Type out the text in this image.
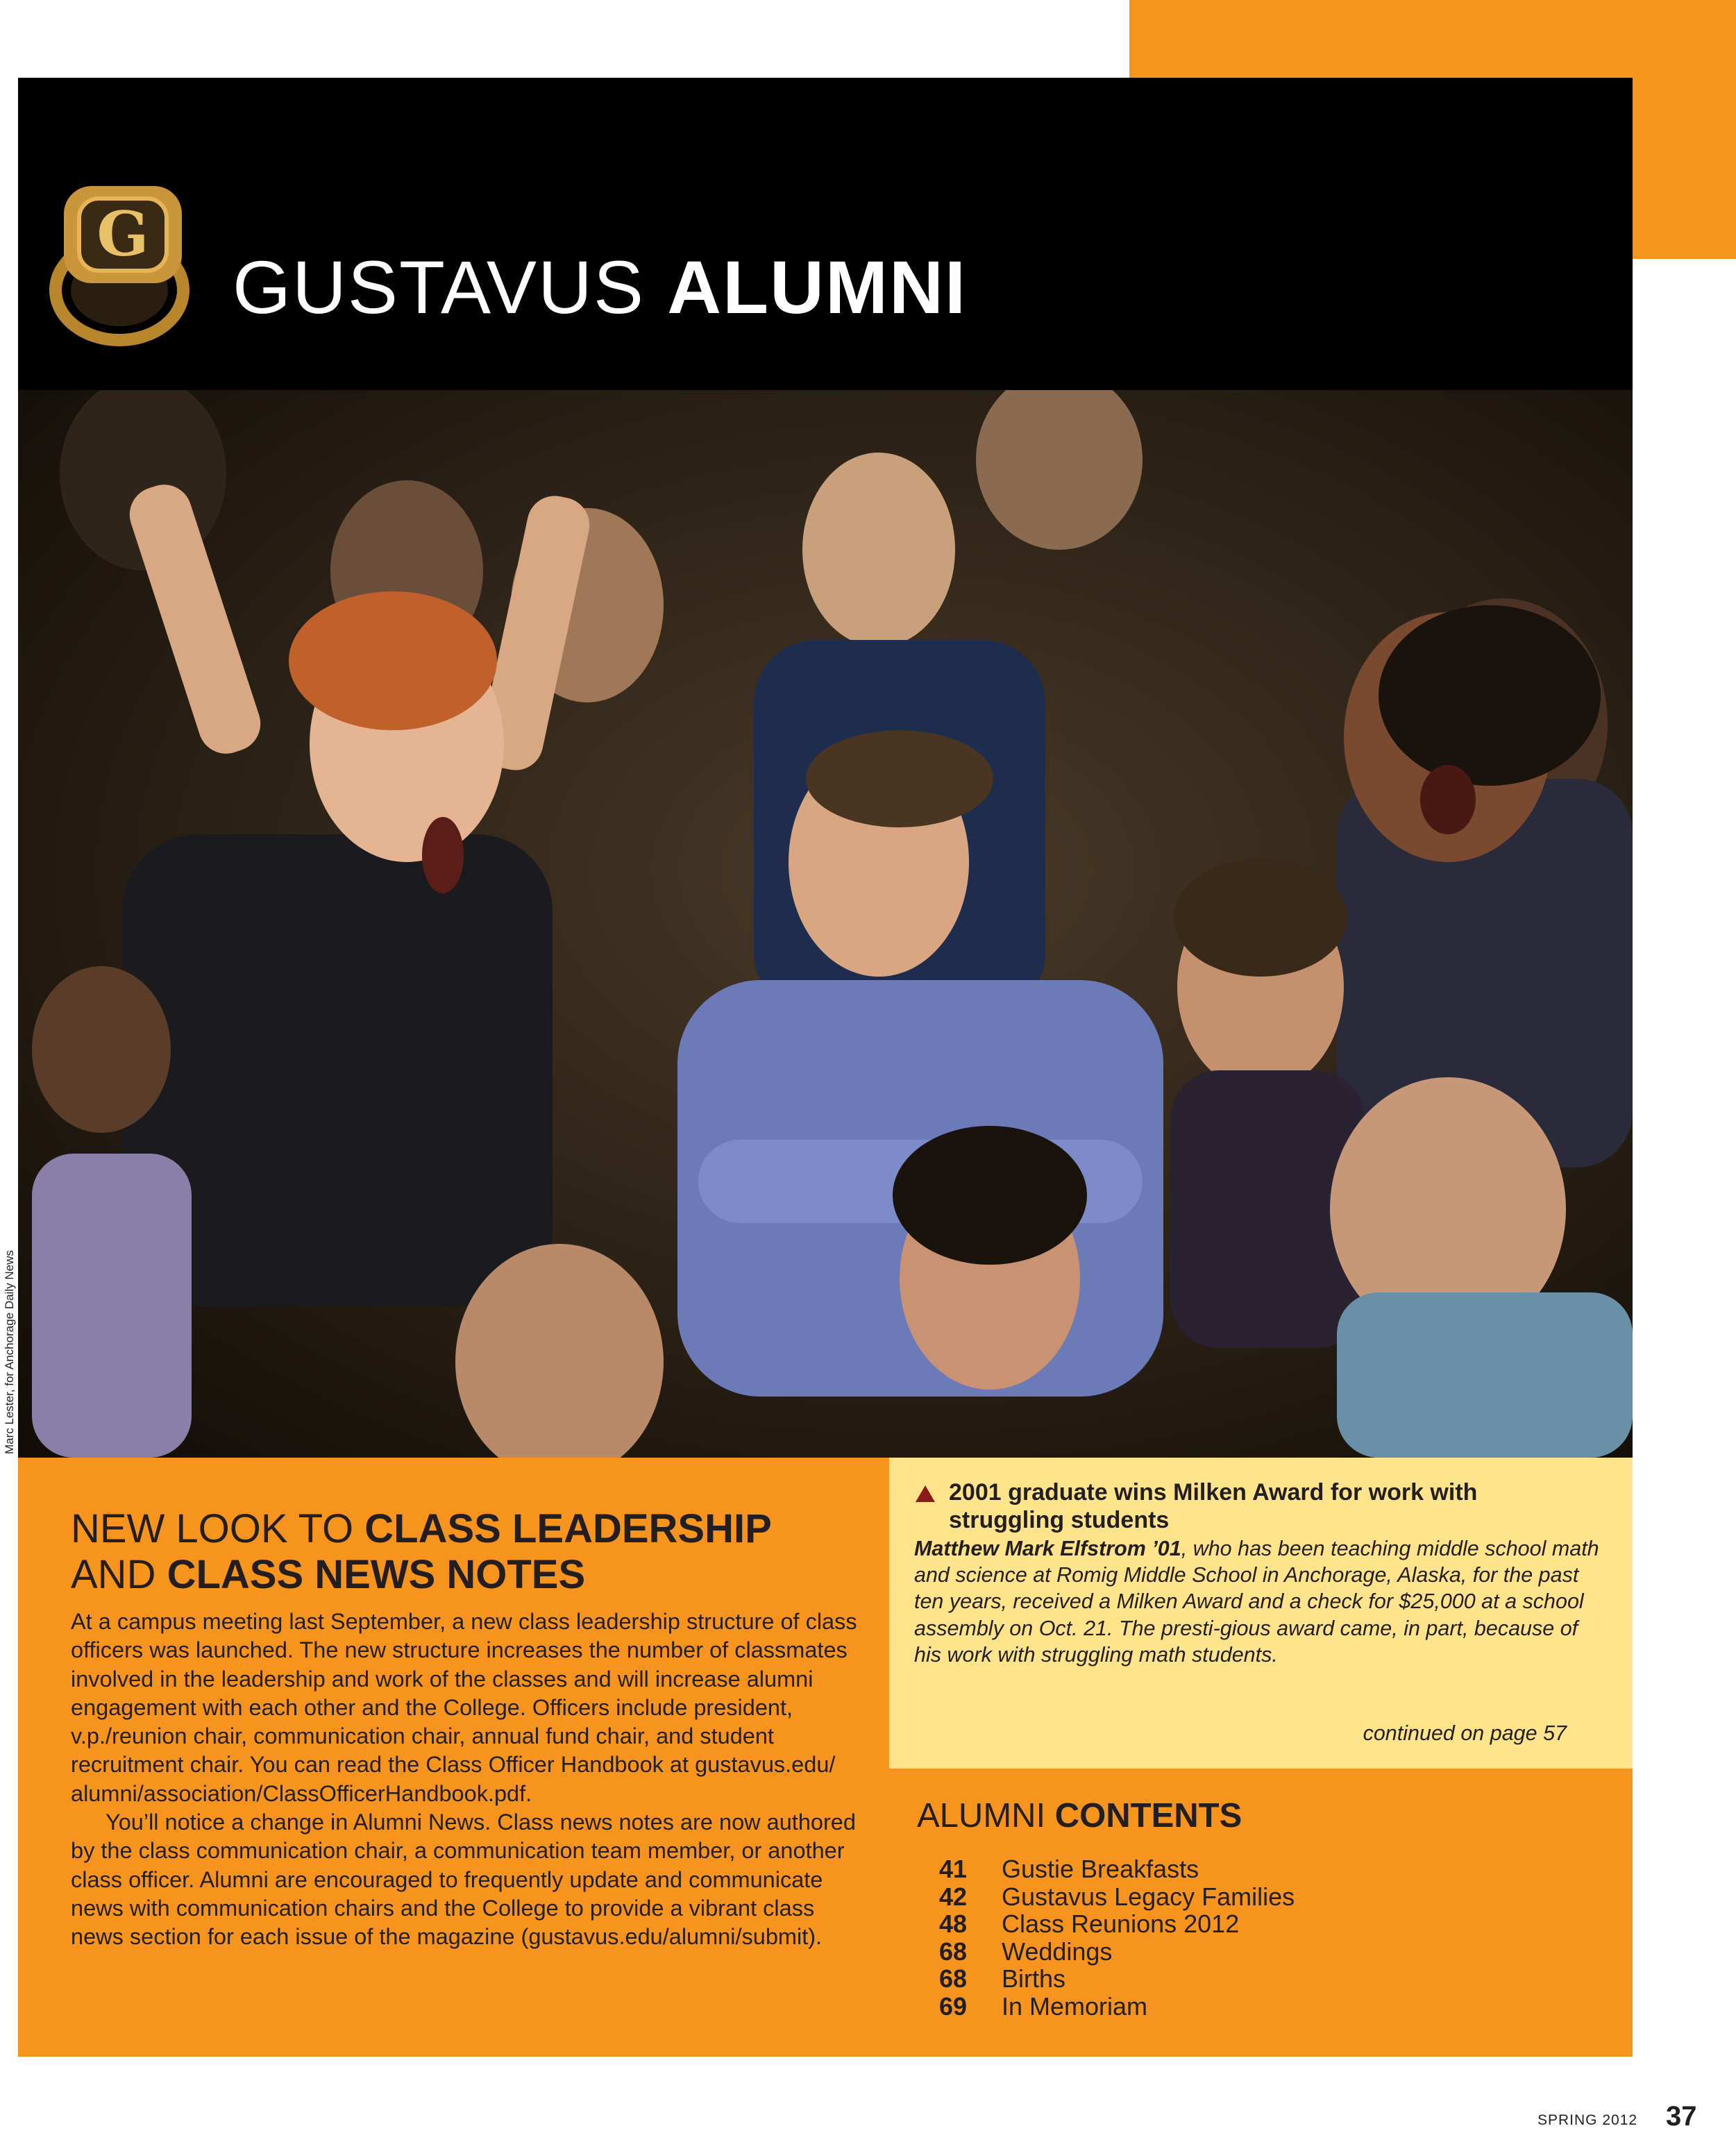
G
GUSTAVUS ALUMNI
Marc Lester, for Anchorage Daily News
NEW LOOK TO CLASS LEADERSHIP
AND CLASS NEWS NOTES

At a campus meeting last September, a new class leadership structure of class officers was launched. The new structure increases the number of classmates involved in the leadership and work of the classes and will increase alumni engagement with each other and the College. Officers include president, v.p./reunion chair, communication chair, annual fund chair, and student recruitment chair. You can read the Class Officer Handbook at gustavus.edu/ alumni/association/ClassOfficerHandbook.pdf.

You’ll notice a change in Alumni News. Class news notes are now authored by the class communication chair, a communication team member, or another class officer. Alumni are encouraged to frequently update and communicate news with communication chairs and the College to provide a vibrant class news section for each issue of the magazine (gustavus.edu/alumni/submit).

2001 graduate wins Milken Award for work with struggling students
Matthew Mark Elfstrom ’01, who has been teaching middle school math and science at Romig Middle School in Anchorage, Alaska, for the past ten years, received a Milken Award and a check for $25,000 at a school assembly on Oct. 21. The presti-gious award came, in part, because of his work with struggling math students.
continued on page 57
ALUMNI CONTENTS
41 Gustie Breakfasts
42 Gustavus Legacy Families
48 Class Reunions 2012
68 Weddings
68 Births
69 In Memoriam
SPRING 2012 37
